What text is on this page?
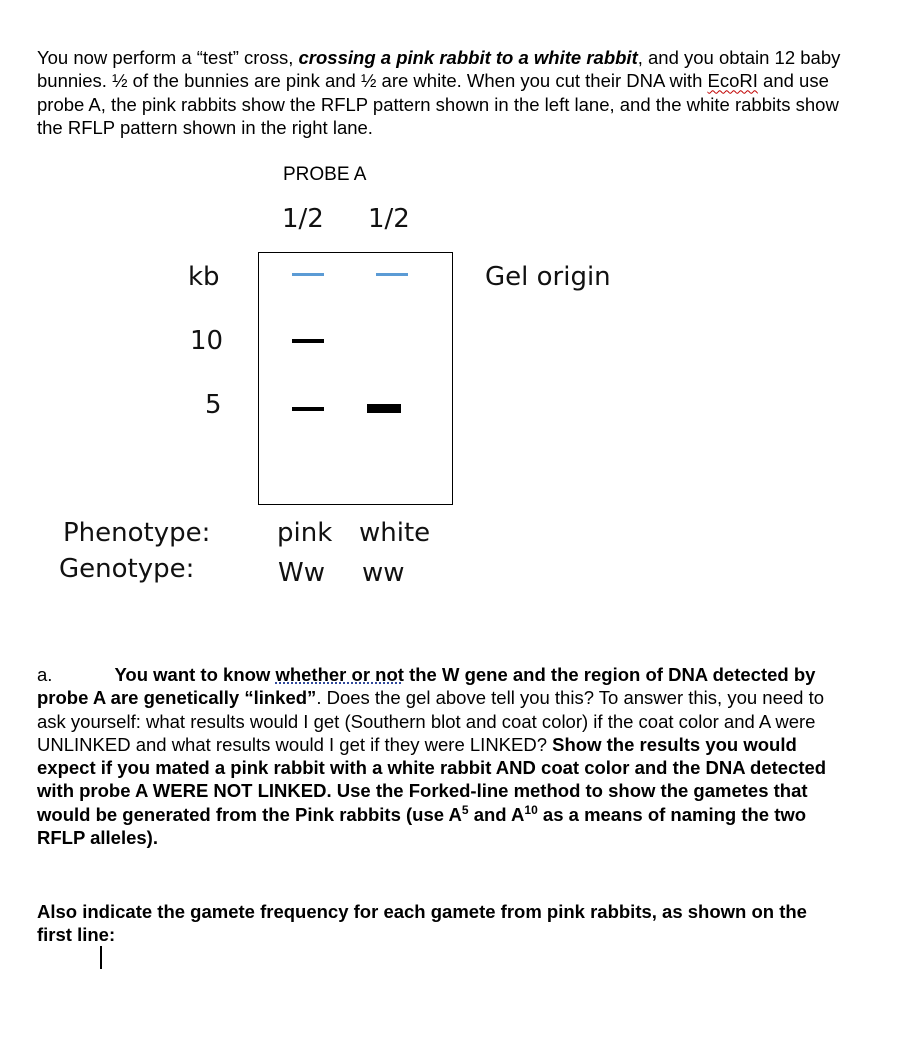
You now perform a “test” cross, crossing a pink rabbit to a white rabbit, and you obtain 12 baby bunnies. ½ of the bunnies are pink and ½ are white. When you cut their DNA with EcoRI and use probe A, the pink rabbits show the RFLP pattern shown in the left lane, and the white rabbits show the RFLP pattern shown in the right lane.
PROBE A
1/2 1/2
kb
10
5
Gel origin
Phenotype:
Genotype:
pink white
Ww ww
a.	You want to know whether or not the W gene and the region of DNA detected by probe A are genetically “linked”. Does the gel above tell you this? To answer this, you need to ask yourself: what results would I get (Southern blot and coat color) if the coat color and A were UNLINKED and what results would I get if they were LINKED? Show the results you would expect if you mated a pink rabbit with a white rabbit AND coat color and the DNA detected with probe A WERE NOT LINKED. Use the Forked-line method to show the gametes that would be generated from the Pink rabbits (use $A^5$ and $A^{10}$ as a means of naming the two RFLP alleles).
Also indicate the gamete frequency for each gamete from pink rabbits, as shown on the first line:
